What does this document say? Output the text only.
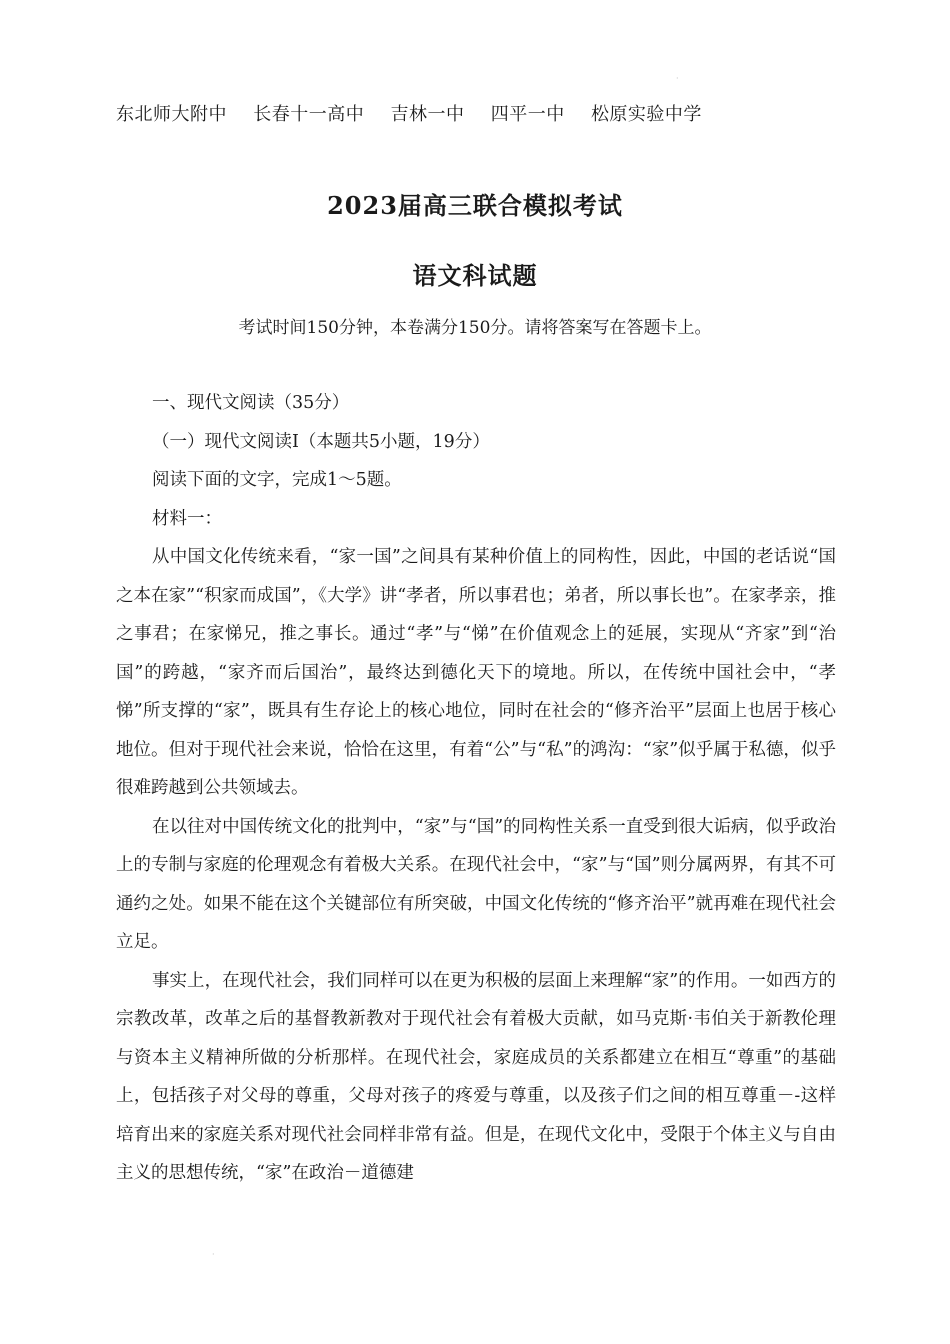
·
东北师大附中 长春十一高中 吉林一中 四平一中 松原实验中学
2023届高三联合模拟考试
语文科试题
考试时间150分钟，本卷满分150分。请将答案写在答题卡上。

一、现代文阅读（35分）

（一）现代文阅读Ⅰ（本题共5小题，19分）

阅读下面的文字，完成1～5题。

材料一：

从中国文化传统来看，“家一国”之间具有某种价值上的同构性，因此，中国的老话说“国之本在家”“积家而成国”，《大学》讲“孝者，所以事君也；弟者，所以事长也”。在家孝亲，推之事君；在家悌兄，推之事长。通过“孝”与“悌”在价值观念上的延展，实现从“齐家”到“治国”的跨越，“家齐而后国治”，最终达到德化天下的境地。所以，在传统中国社会中，“孝悌”所支撑的“家”，既具有生存论上的核心地位，同时在社会的“修齐治平”层面上也居于核心地位。但对于现代社会来说，恰恰在这里，有着“公”与“私”的鸿沟：“家”似乎属于私德，似乎很难跨越到公共领域去。

在以往对中国传统文化的批判中，“家”与“国”的同构性关系一直受到很大诟病，似乎政治上的专制与家庭的伦理观念有着极大关系。在现代社会中，“家”与“国”则分属两界，有其不可通约之处。如果不能在这个关键部位有所突破，中国文化传统的“修齐治平”就再难在现代社会立足。

事实上，在现代社会，我们同样可以在更为积极的层面上来理解“家”的作用。一如西方的宗教改革，改革之后的基督教新教对于现代社会有着极大贡献，如马克斯·韦伯关于新教伦理与资本主义精神所做的分析那样。在现代社会，家庭成员的关系都建立在相互“尊重”的基础上，包括孩子对父母的尊重，父母对孩子的疼爱与尊重，以及孩子们之间的相互尊重－-这样培育出来的家庭关系对现代社会同样非常有益。但是，在现代文化中，受限于个体主义与自由主义的思想传统，“家”在政治－道德建

·
